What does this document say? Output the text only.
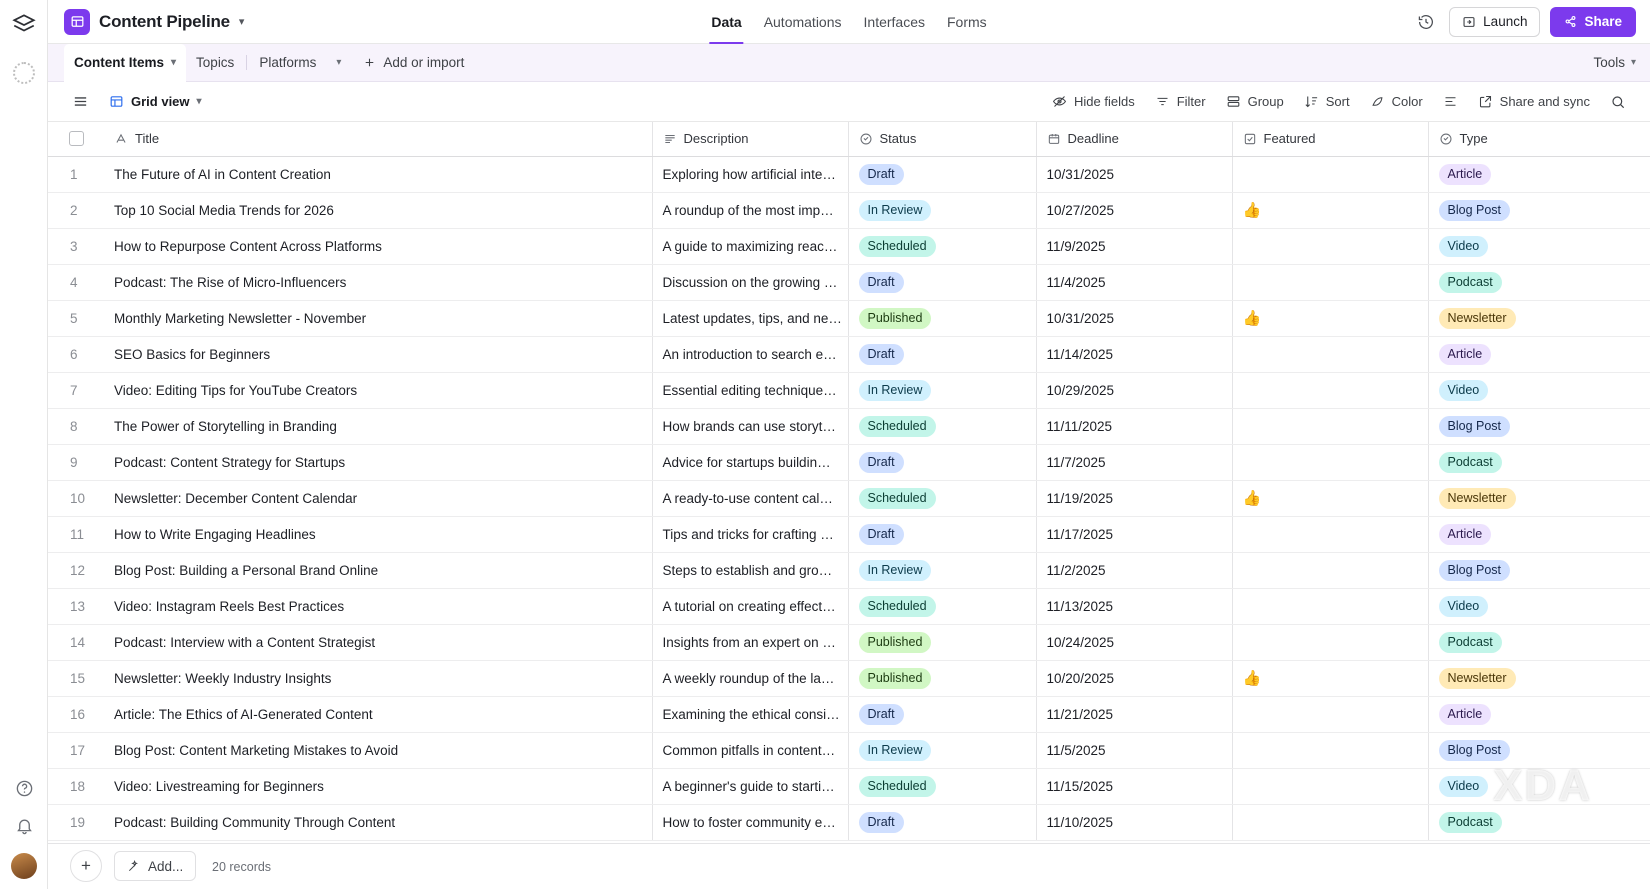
Content Pipeline ▾	Data Automations Interfaces Forms	Launch	Share
Content Items ▾	Topics	Platforms	▾	Add or import	Tools ▾
Grid view ▾	Hide fields	Filter	Group	Sort	Color	Share and sync

	Title	Description	Status	Deadline	Featured	Type

1	The Future of AI in Content Creation	Exploring how artificial inte…	Draft	10/31/2025		Article
2	Top 10 Social Media Trends for 2026	A roundup of the most imp…	In Review	10/27/2025	👍	Blog Post
3	How to Repurpose Content Across Platforms	A guide to maximizing reac…	Scheduled	11/9/2025		Video
4	Podcast: The Rise of Micro-Influencers	Discussion on the growing …	Draft	11/4/2025		Podcast
5	Monthly Marketing Newsletter - November	Latest updates, tips, and ne…	Published	10/31/2025	👍	Newsletter
6	SEO Basics for Beginners	An introduction to search e…	Draft	11/14/2025		Article
7	Video: Editing Tips for YouTube Creators	Essential editing technique…	In Review	10/29/2025		Video
8	The Power of Storytelling in Branding	How brands can use storyt…	Scheduled	11/11/2025		Blog Post
9	Podcast: Content Strategy for Startups	Advice for startups buildin…	Draft	11/7/2025		Podcast
10	Newsletter: December Content Calendar	A ready-to-use content cal…	Scheduled	11/19/2025	👍	Newsletter
11	How to Write Engaging Headlines	Tips and tricks for crafting …	Draft	11/17/2025		Article
12	Blog Post: Building a Personal Brand Online	Steps to establish and gro…	In Review	11/2/2025		Blog Post
13	Video: Instagram Reels Best Practices	A tutorial on creating effect…	Scheduled	11/13/2025		Video
14	Podcast: Interview with a Content Strategist	Insights from an expert on …	Published	10/24/2025		Podcast
15	Newsletter: Weekly Industry Insights	A weekly roundup of the la…	Published	10/20/2025	👍	Newsletter
16	Article: The Ethics of AI-Generated Content	Examining the ethical consi…	Draft	11/21/2025		Article
17	Blog Post: Content Marketing Mistakes to Avoid	Common pitfalls in content…	In Review	11/5/2025		Blog Post
18	Video: Livestreaming for Beginners	A beginner's guide to starti…	Scheduled	11/15/2025		Video
19	Podcast: Building Community Through Content	How to foster community e…	Draft	11/10/2025		Podcast
XDA
+	Add... 20 records
